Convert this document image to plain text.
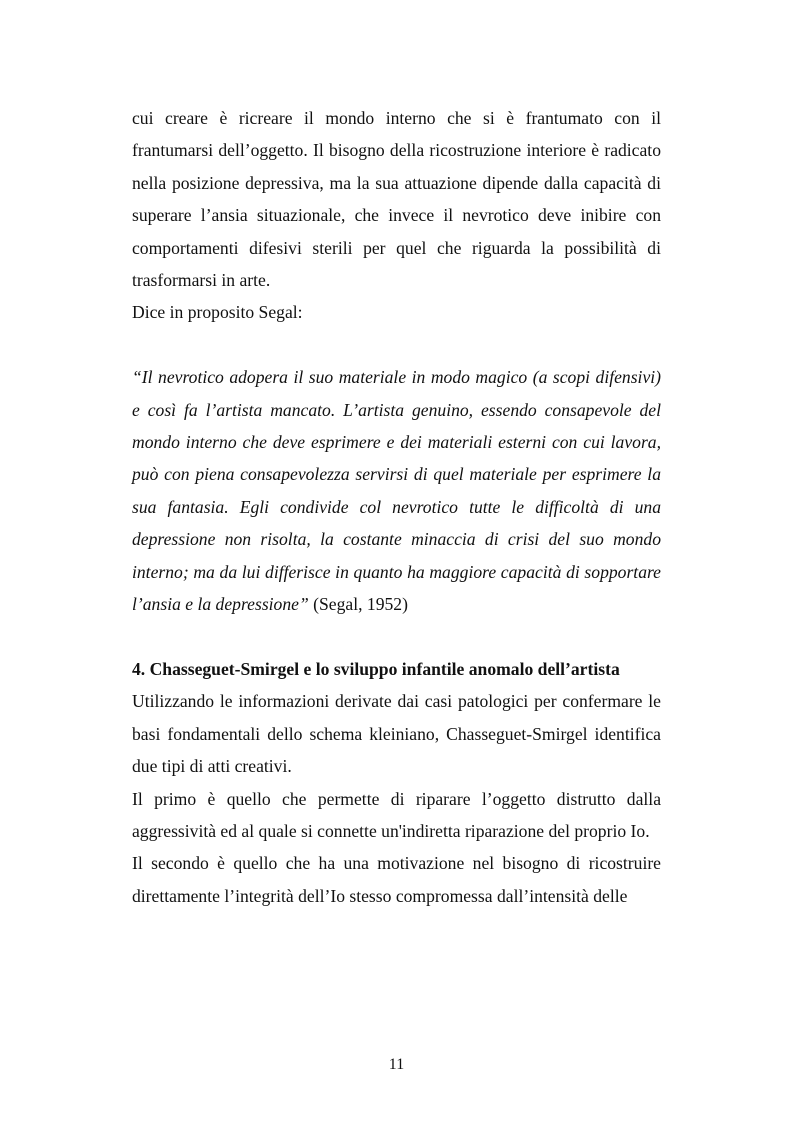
cui creare è ricreare il mondo interno che si è frantumato con il frantumarsi dell’oggetto. Il bisogno della ricostruzione interiore è radicato nella posizione depressiva, ma la sua attuazione dipende dalla capacità di superare l’ansia situazionale, che invece il nevrotico deve inibire con comportamenti difesivi sterili per quel che riguarda la possibilità di trasformarsi in arte.

Dice in proposito Segal:

“Il nevrotico adopera il suo materiale in modo magico (a scopi difensivi) e così fa l’artista mancato. L’artista genuino, essendo consapevole del mondo interno che deve esprimere e dei materiali esterni con cui lavora, può con piena consapevolezza servirsi di quel materiale per esprimere la sua fantasia. Egli condivide col nevrotico tutte le difficoltà di una depressione non risolta, la costante minaccia di crisi del suo mondo interno; ma da lui differisce in quanto ha maggiore capacità di sopportare l’ansia e la depressione” (Segal, 1952)

4. Chasseguet-Smirgel e lo sviluppo infantile anomalo dell’artista

Utilizzando le informazioni derivate dai casi patologici per confermare le basi fondamentali dello schema kleiniano, Chasseguet-Smirgel identifica due tipi di atti creativi.

Il primo è quello che permette di riparare l’oggetto distrutto dalla aggressività ed al quale si connette un'indiretta riparazione del proprio Io.

Il secondo è quello che ha una motivazione nel bisogno di ricostruire direttamente l’integrità dell’Io stesso compromessa dall’intensità delle

11
